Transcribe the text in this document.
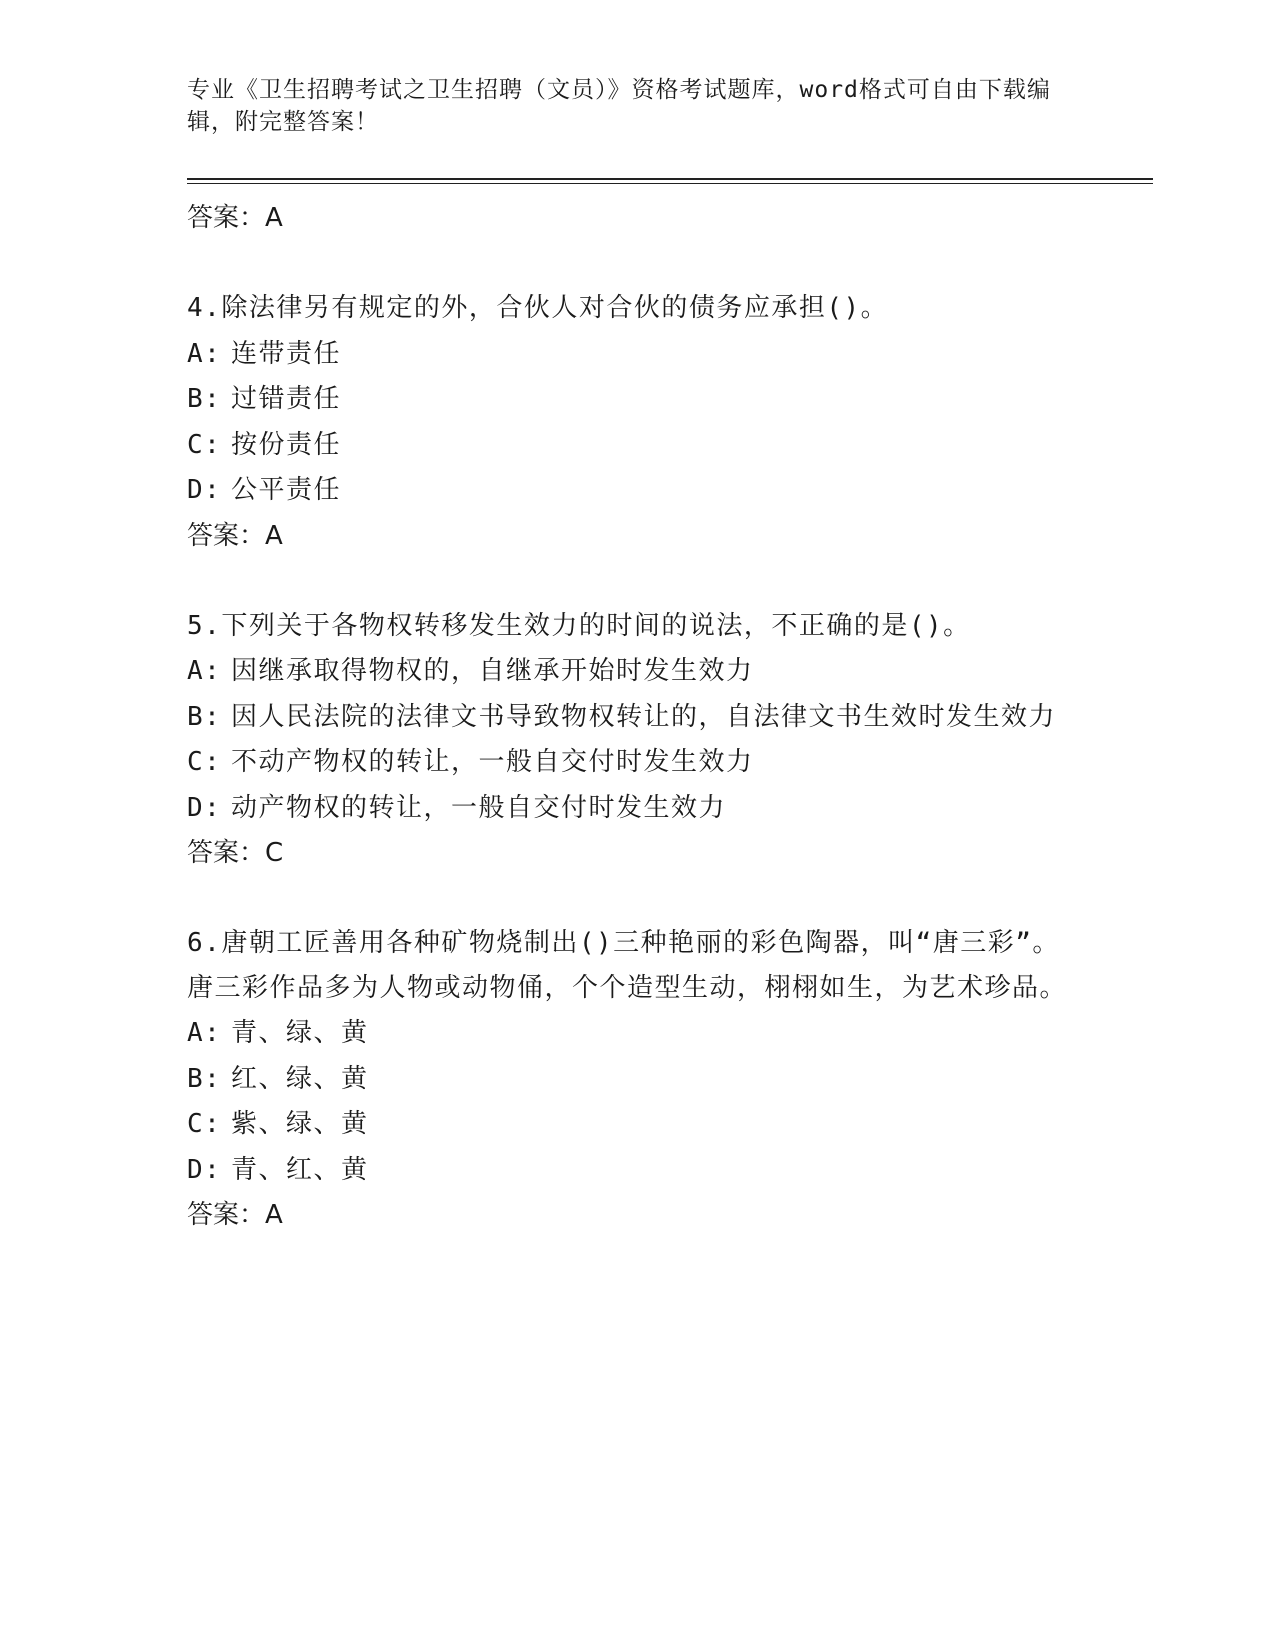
专业《卫生招聘考试之卫生招聘（文员）》资格考试题库，word格式可自由下载编辑，附完整答案！
答案：A
4.除法律另有规定的外，合伙人对合伙的债务应承担()。
A: 连带责任
B: 过错责任
C: 按份责任
D: 公平责任
答案：A
5.下列关于各物权转移发生效力的时间的说法，不正确的是()。
A: 因继承取得物权的，自继承开始时发生效力
B: 因人民法院的法律文书导致物权转让的，自法律文书生效时发生效力
C: 不动产物权的转让，一般自交付时发生效力
D: 动产物权的转让，一般自交付时发生效力
答案：C
6.唐朝工匠善用各种矿物烧制出()三种艳丽的彩色陶器，叫“唐三彩”。唐三彩作品多为人物或动物俑，个个造型生动，栩栩如生，为艺术珍品。
A: 青、绿、黄
B: 红、绿、黄
C: 紫、绿、黄
D: 青、红、黄
答案：A
